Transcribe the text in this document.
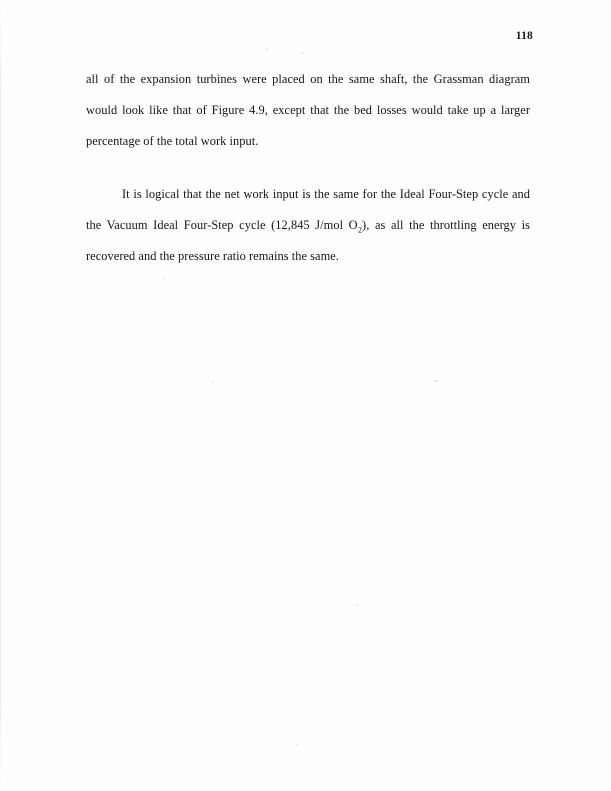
118

all of the expansion turbines were placed on the same shaft, the Grassman diagram would look like that of Figure 4.9, except that the bed losses would take up a larger percentage of the total work input.

It is logical that the net work input is the same for the Ideal Four-Step cycle and the Vacuum Ideal Four-Step cycle (12,845 J/mol $O_2$), as all the throttling energy is recovered and the pressure ratio remains the same.
